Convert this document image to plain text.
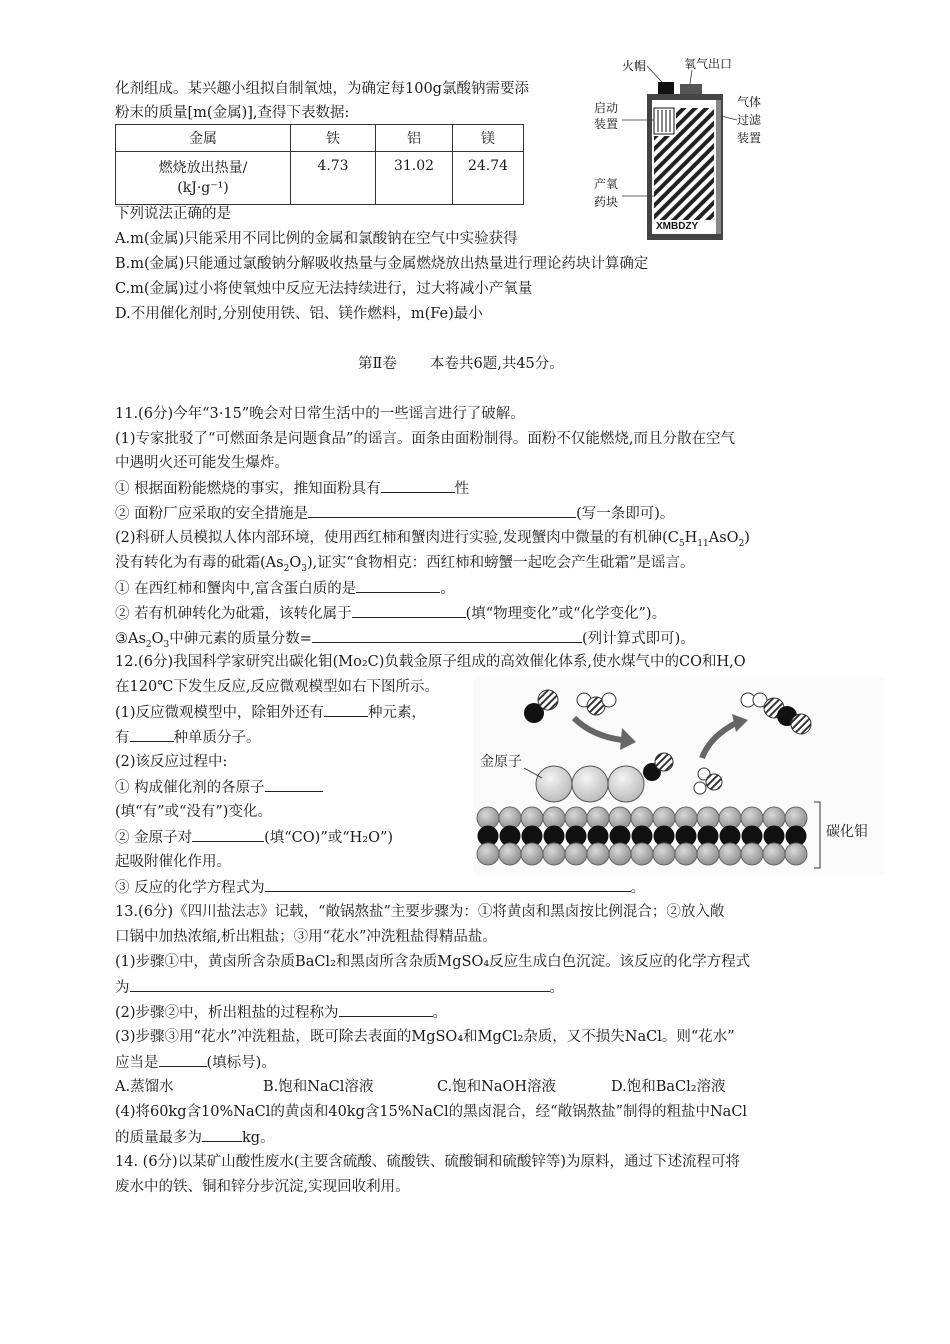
化剂组成。某兴趣小组拟自制氧烛，为确定每100g氯酸钠需要添
粉末的质量[m(金属)],查得下表数据:
金属	铁	铝	镁

燃烧放出热量/
(kJ·g⁻¹)	4.73	31.02	24.74
下列说法正确的是
A.m(金属)只能采用不同比例的金属和氯酸钠在空气中实验获得
B.m(金属)只能通过氯酸钠分解吸收热量与金属燃烧放出热量进行理论药块计算确定
C.m(金属)过小将使氧烛中反应无法持续进行，过大将减小产氧量
D.不用催化剂时,分别使用铁、铝、镁作燃料，m(Fe)最小
XMBDZY
火帽	氧气出口
启动
装置
气体
过滤
装置
产氧
药块
第Ⅱ卷 本卷共6题,共45分。
11.(6分)今年“3·15”晚会对日常生活中的一些谣言进行了破解。
(1)专家批驳了“可燃面条是问题食品”的谣言。面条由面粉制得。面粉不仅能燃烧,而且分散在空气
中遇明火还可能发生爆炸。
① 根据面粉能燃烧的事实，推知面粉具有	性
② 面粉厂应采取的安全措施是	(写一条即可)。
(2)科研人员模拟人体内部环境，使用西红柿和蟹肉进行实验,发现蟹肉中微量的有机砷$(C_5H_{11}AsO_2)$
没有转化为有毒的砒霜$(As_2O_3)$,证实“食物相克：西红柿和螃蟹一起吃会产生砒霜”是谣言。
① 在西红柿和蟹肉中,富含蛋白质的是	。
② 若有机砷转化为砒霜，该转化属于	(填“物理变化”或“化学变化”)。
$③As_2O_3$中砷元素的质量分数=	(列计算式即可)。
12.(6分)我国科学家研究出碳化钼(Mo₂C)负载金原子组成的高效催化体系,使水煤气中的CO和H,O
在120℃下发生反应,反应微观模型如右下图所示。
(1)反应微观模型中，除钼外还有	种元素，
有	种单质分子。
(2)该反应过程中:
① 构成催化剂的各原子
(填“有”或“没有”)变化。
② 金原子对	(填“CO)”或“H₂O”)
起吸附催化作用。
③ 反应的化学方程式为	。
金原子
碳化钼
13.(6分)《四川盐法志》记载，“敞锅熬盐”主要步骤为：①将黄卤和黑卤按比例混合；②放入敞
口锅中加热浓缩,析出粗盐；③用“花水”冲洗粗盐得精品盐。
(1)步骤①中，黄卤所含杂质BaCl₂和黑卤所含杂质MgSO₄反应生成白色沉淀。该反应的化学方程式
为	。
(2)步骤②中，析出粗盐的过程称为	。
(3)步骤③用“花水”冲洗粗盐，既可除去表面的MgSO₄和MgCl₂杂质，又不损失NaCl。则“花水”
应当是	(填标号)。
A.蒸馏水	B.饱和NaCl溶液	C.饱和NaOH溶液	D.饱和BaCl₂溶液
(4)将60kg含10%NaCl的黄卤和40kg含15%NaCl的黑卤混合，经“敞锅熬盐”制得的粗盐中NaCl
的质量最多为	kg。
14. (6分)以某矿山酸性废水(主要含硫酸、硫酸铁、硫酸铜和硫酸锌等)为原料，通过下述流程可将
废水中的铁、铜和锌分步沉淀,实现回收利用。
